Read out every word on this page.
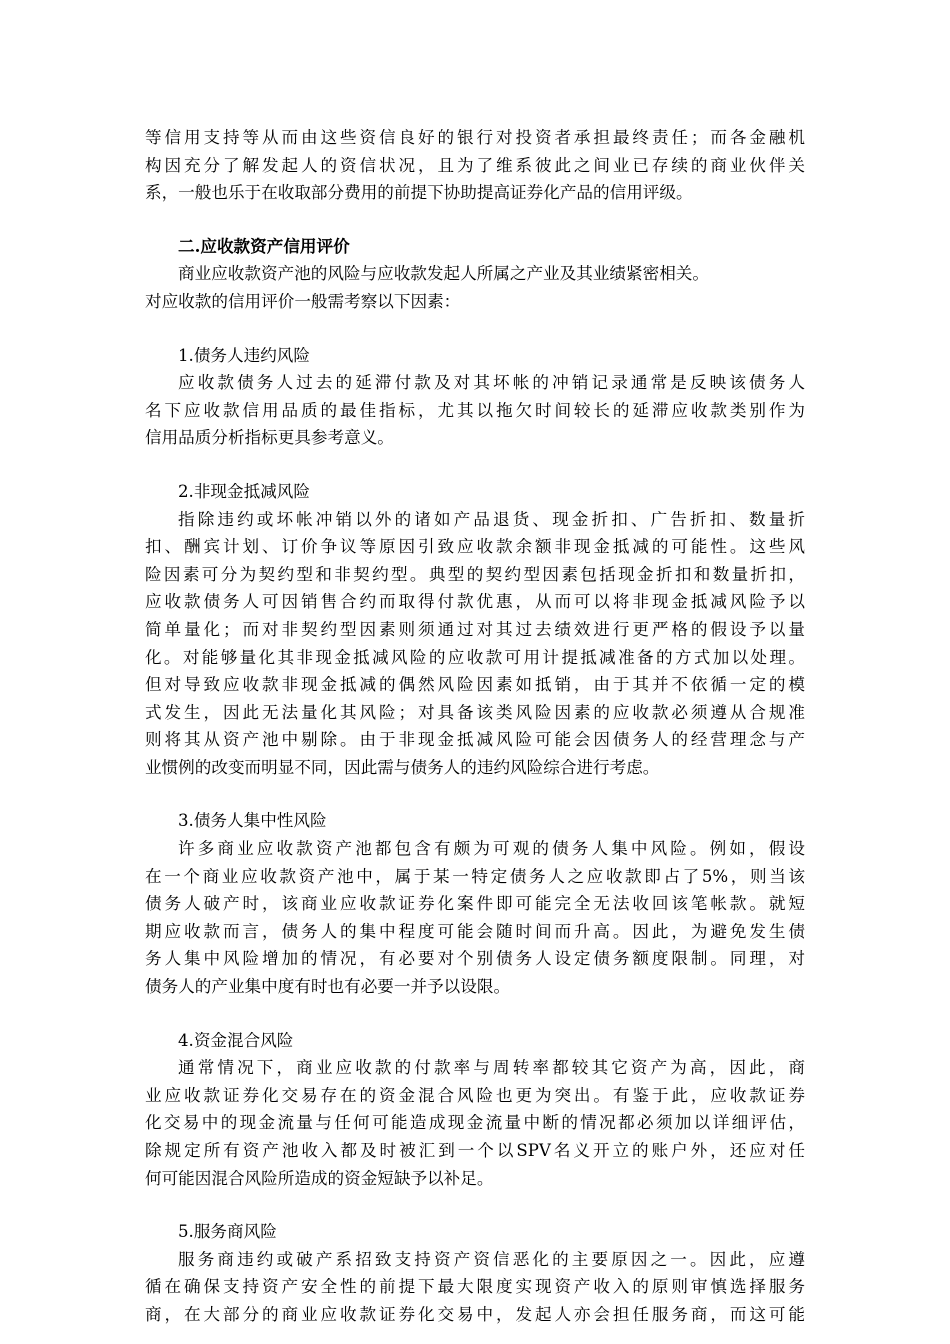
等信用支持等从而由这些资信良好的银行对投资者承担最终责任；而各金融机
构因充分了解发起人的资信状况，且为了维系彼此之间业已存续的商业伙伴关
系，一般也乐于在收取部分费用的前提下协助提高证券化产品的信用评级。
二.应收款资产信用评价
商业应收款资产池的风险与应收款发起人所属之产业及其业绩紧密相关。
对应收款的信用评价一般需考察以下因素：
1.债务人违约风险
应收款债务人过去的延滞付款及对其坏帐的冲销记录通常是反映该债务人
名下应收款信用品质的最佳指标，尤其以拖欠时间较长的延滞应收款类别作为
信用品质分析指标更具参考意义。
2.非现金抵减风险
指除违约或坏帐冲销以外的诸如产品退货、现金折扣、广告折扣、数量折
扣、酬宾计划、订价争议等原因引致应收款余额非现金抵减的可能性。这些风
险因素可分为契约型和非契约型。典型的契约型因素包括现金折扣和数量折扣，
应收款债务人可因销售合约而取得付款优惠，从而可以将非现金抵减风险予以
简单量化；而对非契约型因素则须通过对其过去绩效进行更严格的假设予以量
化。对能够量化其非现金抵减风险的应收款可用计提抵减准备的方式加以处理。
但对导致应收款非现金抵减的偶然风险因素如抵销，由于其并不依循一定的模
式发生，因此无法量化其风险；对具备该类风险因素的应收款必须遵从合规准
则将其从资产池中剔除。由于非现金抵减风险可能会因债务人的经营理念与产
业惯例的改变而明显不同，因此需与债务人的违约风险综合进行考虑。
3.债务人集中性风险
许多商业应收款资产池都包含有颇为可观的债务人集中风险。例如，假设
在一个商业应收款资产池中，属于某一特定债务人之应收款即占了5%，则当该
债务人破产时，该商业应收款证券化案件即可能完全无法收回该笔帐款。就短
期应收款而言，债务人的集中程度可能会随时间而升高。因此，为避免发生债
务人集中风险增加的情况，有必要对个别债务人设定债务额度限制。同理，对
债务人的产业集中度有时也有必要一并予以设限。
4.资金混合风险
通常情况下，商业应收款的付款率与周转率都较其它资产为高，因此，商
业应收款证券化交易存在的资金混合风险也更为突出。有鉴于此，应收款证券
化交易中的现金流量与任何可能造成现金流量中断的情况都必须加以详细评估，
除规定所有资产池收入都及时被汇到一个以SPV名义开立的账户外，还应对任
何可能因混合风险所造成的资金短缺予以补足。
5.服务商风险
服务商违约或破产系招致支持资产资信恶化的主要原因之一。因此，应遵
循在确保支持资产安全性的前提下最大限度实现资产收入的原则审慎选择服务
商，在大部分的商业应收款证券化交易中，发起人亦会担任服务商，而这可能
